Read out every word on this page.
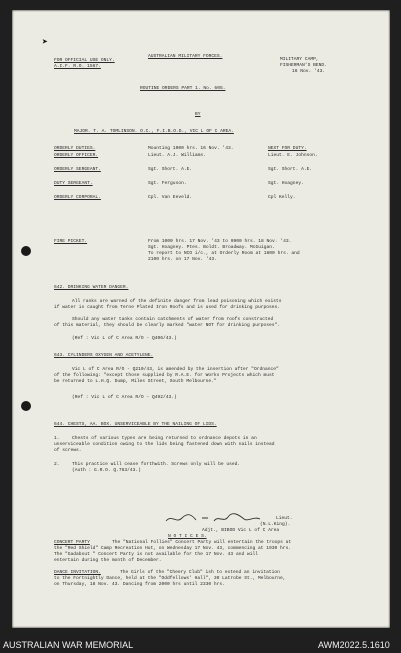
➤
FOR OFFICIAL USE ONLY.
A.I.F. R.O. 1567.
AUSTRALIAN MILITARY FORCES.
MILITARY CAMP,
FISHERMAN'S BEND.
16 Nov. '43.
ROUTINE ORDERS PART 1. No. 605.
BY
MAJOR. T. A. TOMLINSON. O.C., F.I.B.O.D., VIC L OF C AREA.
ORDERLY DUTIES.	Mounting 1000 hrs. 16 Nov. '43.	NEXT FOR DUTY.
ORDERLY OFFICER.	Lieut. A.J. Williams.	Lieut. E. Johnson.
ORDERLY SERGEANT.	Sgt. Short. A.E.	Sgt. Short. A.E.
DUTY SERGEANT.	Sgt. Ferguson.	Sgt. Hoagney.
ORDERLY CORPORAL.	Cpl. Van Eeveld.	Cpl Kelly.
FIRE PICKET.	From 1000 hrs. 17 Nov. '43 to 0900 hrs. 18 Nov. '43.
Sgt. Hoagney. Ptes. Boldt. Broadway. McGuigan.
To report to NCO i/c., at Orderly Room at 1800 hrs. and
2100 hrs. on 17 Nov. '43.
642. DRINKING WATER DANGER.
All ranks are warned of the definite danger from lead poisoning which exists
if water is caught from Terne Plated Iron Roofs and is used for drinking purposes.
Should any water tanks contain catchments of water from roofs constructed
of this material, they should be clearly marked "water NOT for drinking purposes".
(Ref : Vic L of C Area R/O - Q406/43.)
643. CYLINDERS OXYGEN AND ACETYLENE.
Vic L of C Area R/O - Q210/43, is amended by the insertion after "Ordnance"
of the following: "except those supplied by R.A.E. for Works Projects which must
be returned to L.H.Q. Dump, Miles Street, South Melbourne."
(Ref : Vic L of C Area R/O - Q492/43.)
644. CHESTS, AA. BOX. UNSERVICEABLE BY THE NAILING OF LIDS.
1.	Chests of various types are being returned to ordnance depots in an
unserviceable condition owing to the lids being fastened down with nails instead
of screws.
2.	This practice will cease forthwith. Screws only will be used.
(Auth : G.R.O. Q.763/43.)
Lieut.
(N.L.King).
Adjt., BIBOD Vic L of C Area
N O T I C E S.
CONCERT PARTY	The "National Follies" Concert Party will entertain the troops at
the "Red Shield" Camp Recreation Hut, on Wednesday 17 Nov. 43, commencing at 1930 hrs.
The "Gadabout " Concert Party is not available for the 17 Nov. 43 and will
entertain during the month of December.
DANCE INVITATION.	The Girls of the "Cheery Club" ish to extend an invitation
to the Fortnightly Dance, held at the "Oddfellows' Hall", 30 Latrobe St., Melbourne,
on Thursday, 18 Nov. 43. Dancing from 2000 hrs until 2330 hrs.
AUSTRALIAN WAR MEMORIAL	AWM2022.5.1610
